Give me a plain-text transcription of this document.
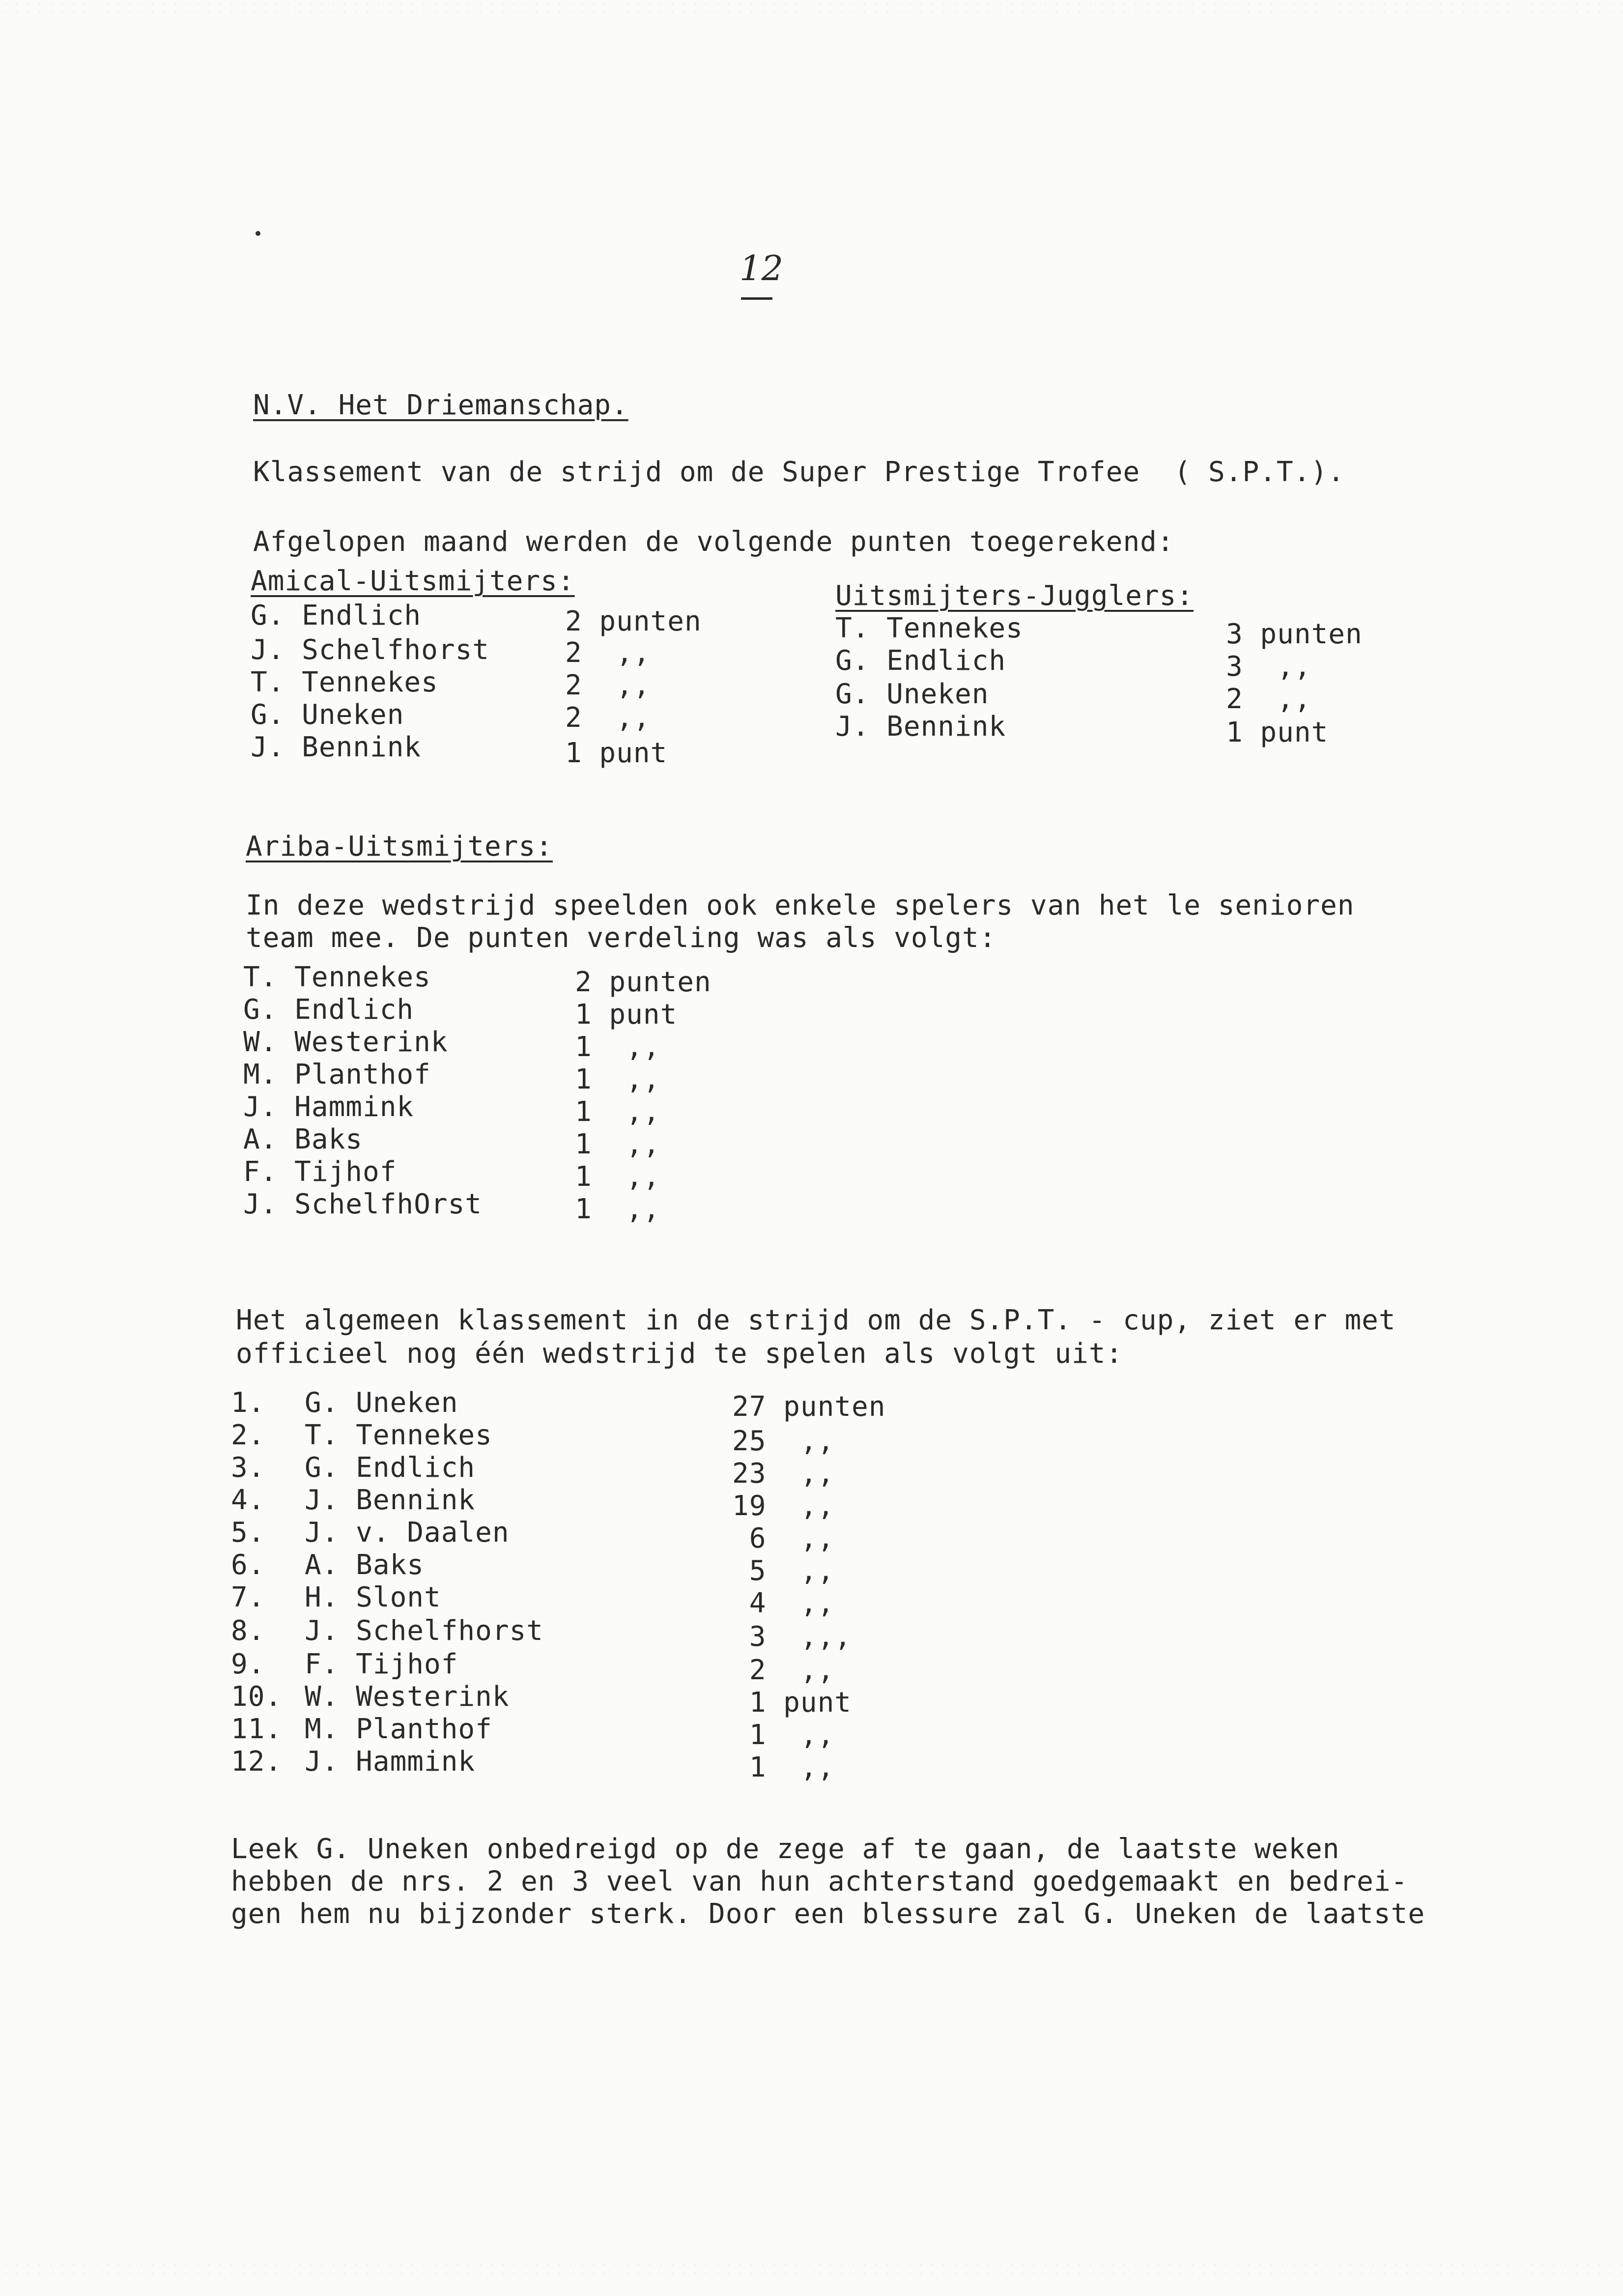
12
N.V. Het Driemanschap.
Klassement van de strijd om de Super Prestige Trofee  ( S.P.T.).
Afgelopen maand werden de volgende punten toegerekend:
Amical-Uitsmijters:
G. Endlich	2 punten
J. Schelfhorst	2  ,,
T. Tennekes	2  ,,
G. Uneken	2  ,,
J. Bennink	1 punt
Uitsmijters-Jugglers:
T. Tennekes	3 punten
G. Endlich	3  ,,
G. Uneken	2  ,,
J. Bennink	1 punt
Ariba-Uitsmijters:
In deze wedstrijd speelden ook enkele spelers van het le senioren
team mee. De punten verdeling was als volgt:
T. Tennekes	2 punten
G. Endlich	1 punt
W. Westerink	1  ,,
M. Planthof	1  ,,
J. Hammink	1  ,,
A. Baks	1  ,,
F. Tijhof	1  ,,
J. SchelfhOrst	1  ,,
Het algemeen klassement in de strijd om de S.P.T. - cup, ziet er met
officieel nog één wedstrijd te spelen als volgt uit:
1. G. Uneken	27 punten
2. T. Tennekes	25  ,,
3. G. Endlich	23  ,,
4. J. Bennink	19  ,,
5. J. v. Daalen	6  ,,
6. A. Baks	5  ,,
7. H. Slont	4  ,,
8. J. Schelfhorst	3  ,,,
9. F. Tijhof	2  ,,
10. W. Westerink	1 punt
11. M. Planthof	1  ,,
12. J. Hammink	1  ,,
Leek G. Uneken onbedreigd op de zege af te gaan, de laatste weken
hebben de nrs. 2 en 3 veel van hun achterstand goedgemaakt en bedrei-
gen hem nu bijzonder sterk. Door een blessure zal G. Uneken de laatste
